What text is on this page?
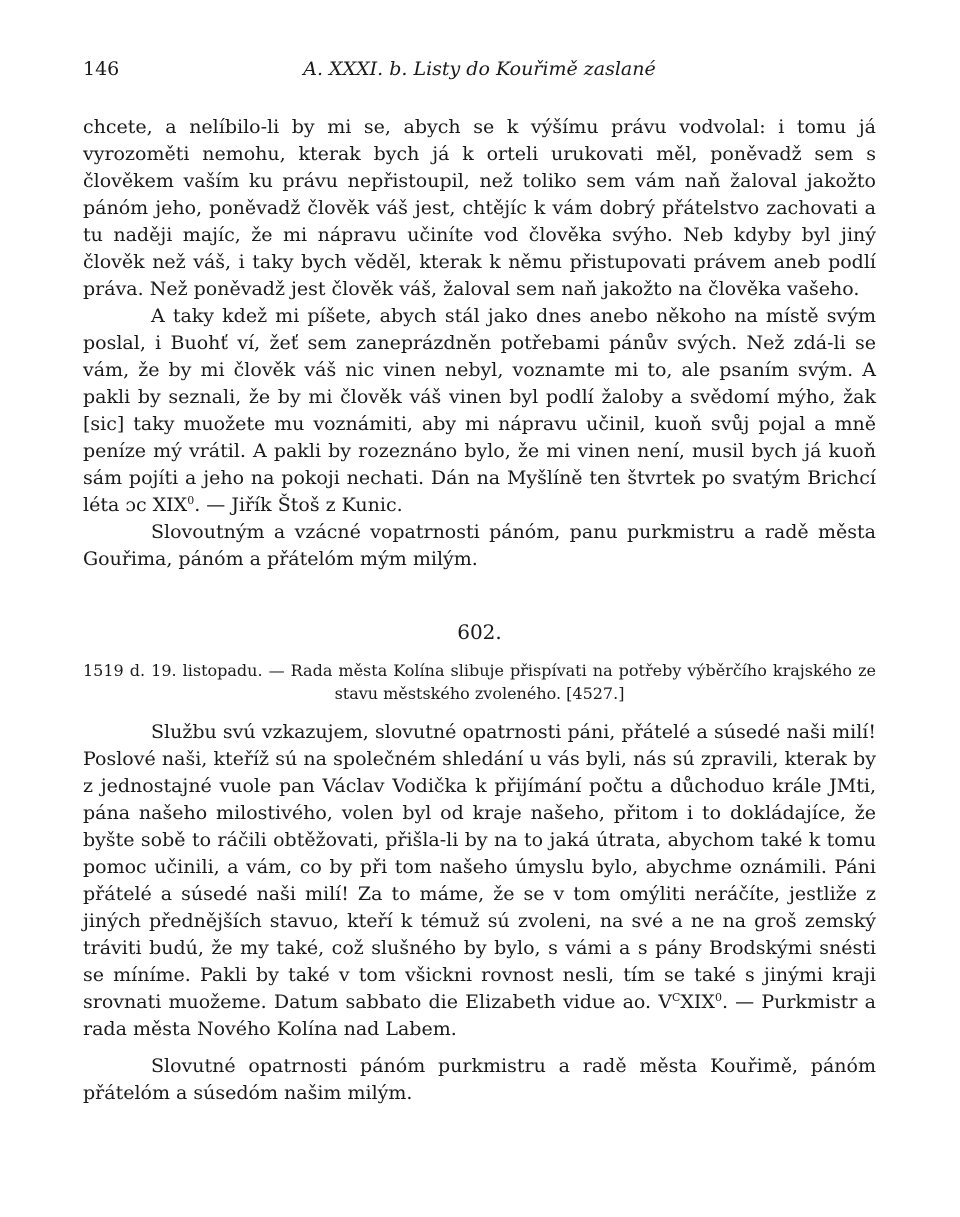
146	A. XXXI. b. Listy do Kouřimě zaslané

chcete, a nelíbilo-li by mi se, abych se k výšímu právu vodvolal: i tomu já vyrozoměti nemohu, kterak bych já k orteli urukovati měl, poněvadž sem s člověkem vaším ku právu nepřistoupil, než toliko sem vám naň žaloval jakožto pánóm jeho, poněvadž člověk váš jest, chtějíc k vám dobrý přátelstvo zachovati a tu naději majíc, že mi nápravu učiníte vod člověka svýho. Neb kdyby byl jiný člověk než váš, i taky bych věděl, kterak k němu přistupovati právem aneb podlí práva. Než poněvadž jest člověk váš, žaloval sem naň jakožto na člověka vašeho.

A taky kdež mi píšete, abych stál jako dnes anebo někoho na místě svým poslal, i Buohť ví, žeť sem zaneprázdněn potřebami pánův svých. Než zdá-li se vám, že by mi člověk váš nic vinen nebyl, voznamte mi to, ale psaním svým. A pakli by seznali, že by mi člověk váš vinen byl podlí žaloby a svědomí mýho, žak [sic] taky muožete mu voznámiti, aby mi nápravu učinil, kuoň svůj pojal a mně peníze mý vrátil. A pakli by rozeznáno bylo, že mi vinen není, musil bych já kuoň sám pojíti a jeho na pokoji nechati. Dán na Myšlíně ten štvrtek po svatým Brichcí léta ɔc XIX$^0$. — Jiřík Štoš z Kunic.

Slovoutným a vzácné vopatrnosti pánóm, panu purkmistru a radě města Gouřima, pánóm a přátelóm mým milým.

602.
1519 d. 19. listopadu. — Rada města Kolína slibuje přispívati na potřeby výběrčího krajského ze stavu městského zvoleného. [4527.]

Službu svú vzkazujem, slovutné opatrnosti páni, přátelé a súsedé naši milí! Poslové naši, kteříž sú na společném shledání u vás byli, nás sú zpravili, kterak by z jednostajné vuole pan Václav Vodička k přijímání počtu a důchoduo krále JMti, pána našeho milostivého, volen byl od kraje našeho, přitom i to dokládajíce, že byšte sobě to ráčili obtěžovati, přišla-li by na to jaká útrata, abychom také k tomu pomoc učinili, a vám, co by při tom našeho úmyslu bylo, abychme oznámili. Páni přátelé a súsedé naši milí! Za to máme, že se v tom omýliti neráčíte, jestliže z jiných přednějších stavuo, kteří k témuž sú zvoleni, na své a ne na groš zemský tráviti budú, že my také, což slušného by bylo, s vámi a s pány Brodskými snésti se míníme. Pakli by také v tom všickni rovnost nesli, tím se také s jinými kraji srovnati muožeme. Datum sabbato die Elizabeth vidue ao. $V^CXIX^0$. — Purkmistr a rada města Nového Kolína nad Labem.

Slovutné opatrnosti pánóm purkmistru a radě města Kouřimě, pánóm přátelóm a súsedóm našim milým.
